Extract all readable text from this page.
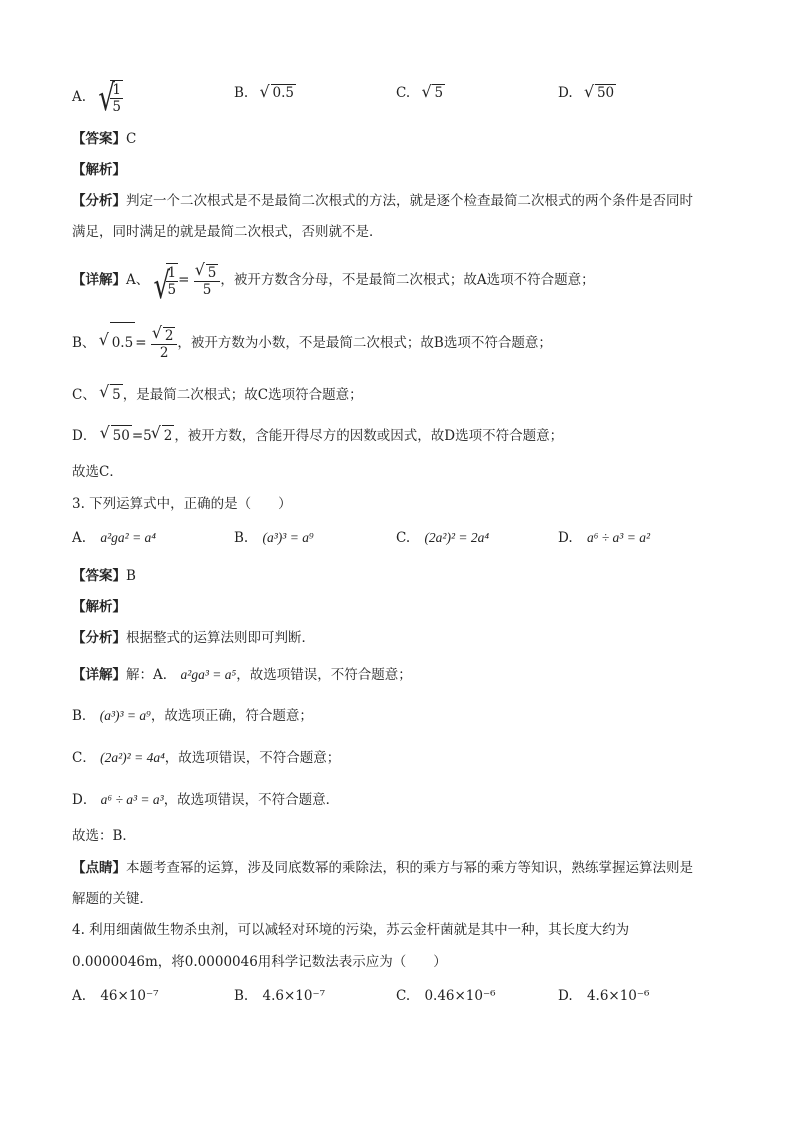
A. √ $\frac{1}{5}$	B. √ 0.5	C. √ 5	D. √ 50
【答案】C
【解析】
【分析】判定一个二次根式是不是最简二次根式的方法，就是逐个检查最简二次根式的两个条件是否同时
满足，同时满足的就是最简二次根式，否则就不是．
【详解】A、 √ $\frac{1}{5}$ = √ $\frac{5}{5}$ ，被开方数含分母，不是最简二次根式；故A选项不符合题意；
B、 √ 0.5 = √ $\frac{2}{2}$ ，被开方数为小数，不是最简二次根式；故B选项不符合题意；
C、 √ 5 ，是最简二次根式；故C选项符合题意；
D． √ 50 =5 √ 2 ，被开方数，含能开得尽方的因数或因式，故D选项不符合题意；
故选C．
3. 下列运算式中，正确的是（　　）
A. a²ga² = a⁴	B. (a³)³ = a⁹	C. (2a²)² = 2a⁴	D. a⁶ ÷ a³ = a²
【答案】B
【解析】
【分析】根据整式的运算法则即可判断．
【详解】解：A． a²ga³ = a⁵，故选项错误，不符合题意；
B． (a³)³ = a⁹，故选项正确，符合题意；
C． (2a²)² = 4a⁴，故选项错误，不符合题意；
D． a⁶ ÷ a³ = a³，故选项错误，不符合题意．
故选：B．
【点睛】本题考查幂的运算，涉及同底数幂的乘除法，积的乘方与幂的乘方等知识，熟练掌握运算法则是
解题的关键．
4. 利用细菌做生物杀虫剂，可以减轻对环境的污染，苏云金杆菌就是其中一种，其长度大约为
0.0000046m，将0.0000046用科学记数法表示应为（　　）
A. 46×10⁻⁷	B. 4.6×10⁻⁷	C. 0.46×10⁻⁶	D. 4.6×10⁻⁶
